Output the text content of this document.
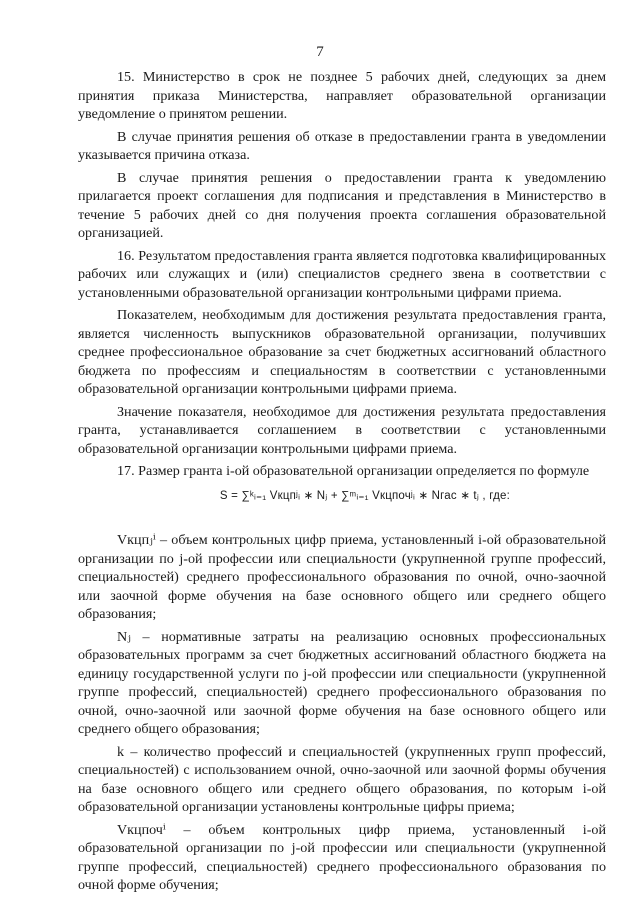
7

15. Министерство в срок не позднее 5 рабочих дней, следующих за днем принятия приказа Министерства, направляет образовательной организации уведомление о принятом решении.

В случае принятия решения об отказе в предоставлении гранта в уведомлении указывается причина отказа.

В случае принятия решения о предоставлении гранта к уведомлению прилагается проект соглашения для подписания и представления в Министерство в течение 5 рабочих дней со дня получения проекта соглашения образовательной организацией.

16. Результатом предоставления гранта является подготовка квалифицированных рабочих или служащих и (или) специалистов среднего звена в соответствии с установленными образовательной организации контрольными цифрами приема.

Показателем, необходимым для достижения результата предоставления гранта, является численность выпускников образовательной организации, получивших среднее профессиональное образование за счет бюджетных ассигнований областного бюджета по профессиям и специальностям в соответствии с установленными образовательной организации контрольными цифрами приема.

Значение показателя, необходимое для достижения результата предоставления гранта, устанавливается соглашением в соответствии с установленными образовательной организации контрольными цифрами приема.

17. Размер гранта i-ой образовательной организации определяется по формуле

S = ∑ᵏᵢ₌₁ Vкцпʲᵢ ∗ Nⱼ + ∑ᵐᵢ₌₁ Vкцпочʲᵢ ∗ Nгас ∗ tⱼ , где:

Vкцпⱼⁱ – объем контрольных цифр приема, установленный i-ой образовательной организации по j-ой профессии или специальности (укрупненной группе профессий, специальностей) среднего профессионального образования по очной, очно-заочной или заочной форме обучения на базе основного общего или среднего общего образования;

Nⱼ – нормативные затраты на реализацию основных профессиональных образовательных программ за счет бюджетных ассигнований областного бюджета на единицу государственной услуги по j-ой профессии или специальности (укрупненной группе профессий, специальностей) среднего профессионального образования по очной, очно-заочной или заочной форме обучения на базе основного общего или среднего общего образования;

k – количество профессий и специальностей (укрупненных групп профессий, специальностей) с использованием очной, очно-заочной или заочной формы обучения на базе основного общего или среднего общего образования, по которым i-ой образовательной организации установлены контрольные цифры приема;

Vкцпочⁱ – объем контрольных цифр приема, установленный i-ой образовательной организации по j-ой профессии или специальности (укрупненной группе профессий, специальностей) среднего профессионального образования по очной форме обучения;
